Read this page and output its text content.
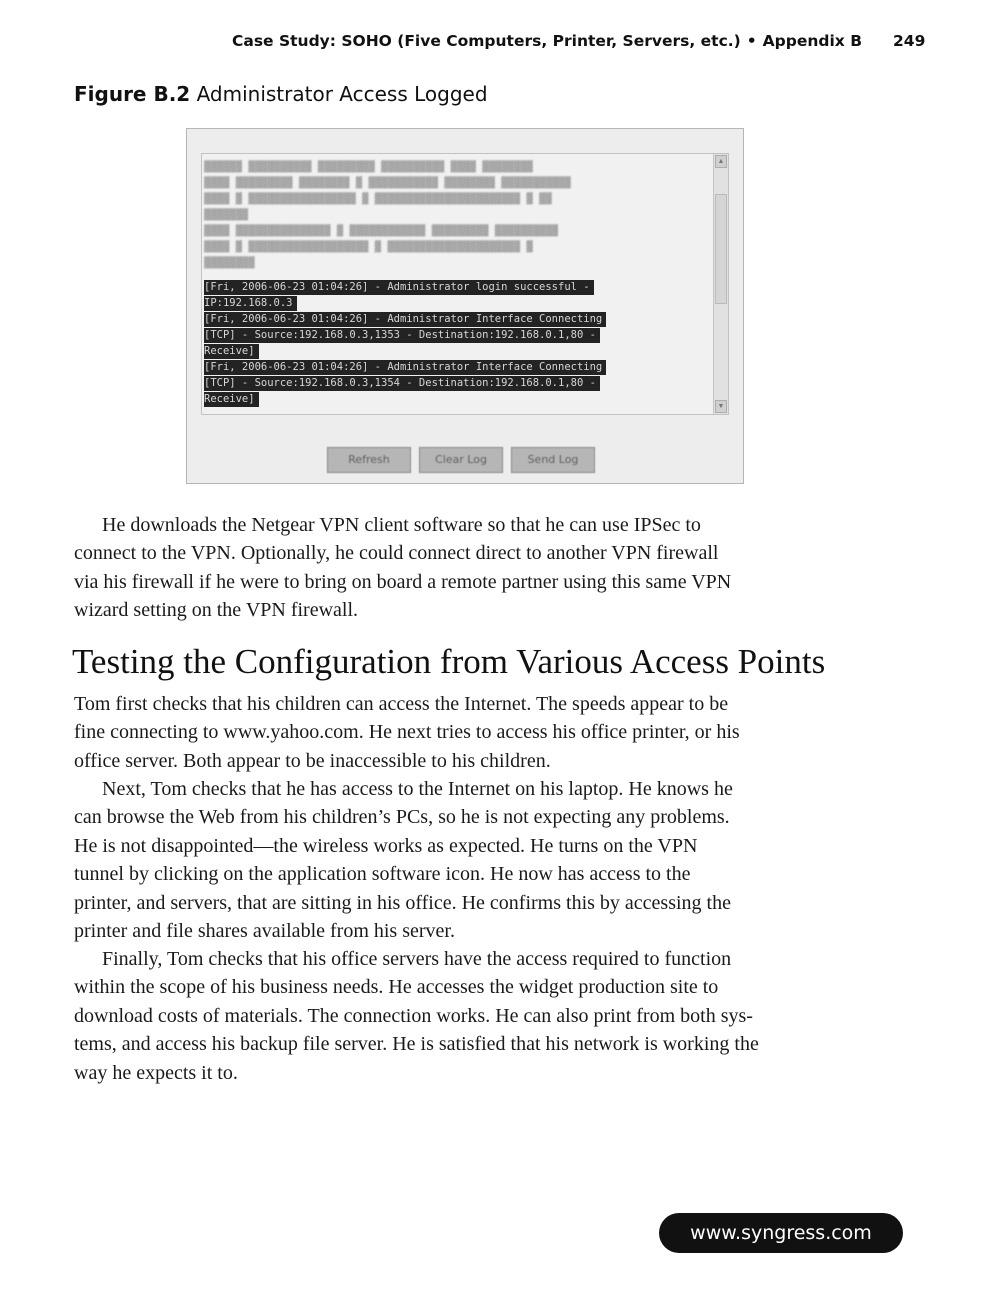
Case Study: SOHO (Five Computers, Printer, Servers, etc.) • Appendix B 249
Figure B.2 Administrator Access Logged
▓▓▓▓▓▓ ▓▓▓▓▓▓▓▓▓▓ ▓▓▓▓▓▓▓▓▓ ▓▓▓▓▓▓▓▓▓▓ ▓▓▓▓ ▓▓▓▓▓▓▓▓
▓▓▓▓ ▓▓▓▓▓▓▓▓▓ ▓▓▓▓▓▓▓▓ ▓ ▓▓▓▓▓▓▓▓▓▓▓ ▓▓▓▓▓▓▓▓ ▓▓▓▓▓▓▓▓▓▓▓
▓▓▓▓ ▓ ▓▓▓▓▓▓▓▓▓▓▓▓▓▓▓▓▓ ▓ ▓▓▓▓▓▓▓▓▓▓▓▓▓▓▓▓▓▓▓▓▓▓▓ ▓ ▓▓
▓▓▓▓▓▓▓
▓▓▓▓ ▓▓▓▓▓▓▓▓▓▓▓▓▓▓▓ ▓ ▓▓▓▓▓▓▓▓▓▓▓▓ ▓▓▓▓▓▓▓▓▓ ▓▓▓▓▓▓▓▓▓▓
▓▓▓▓ ▓ ▓▓▓▓▓▓▓▓▓▓▓▓▓▓▓▓▓▓▓ ▓ ▓▓▓▓▓▓▓▓▓▓▓▓▓▓▓▓▓▓▓▓▓ ▓
▓▓▓▓▓▓▓▓
[Fri, 2006-06-23 01:04:26] - Administrator login successful -
IP:192.168.0.3
[Fri, 2006-06-23 01:04:26] - Administrator Interface Connecting
[TCP] - Source:192.168.0.3,1353 - Destination:192.168.0.1,80 -
Receive]
[Fri, 2006-06-23 01:04:26] - Administrator Interface Connecting
[TCP] - Source:192.168.0.3,1354 - Destination:192.168.0.1,80 -
Receive]
▲
▼
Refresh	Clear Log	Send Log

He downloads the Netgear VPN client software so that he can use IPSec to
connect to the VPN. Optionally, he could connect direct to another VPN firewall
via his firewall if he were to bring on board a remote partner using this same VPN
wizard setting on the VPN firewall.

Testing the Configuration from Various Access Points

Tom first checks that his children can access the Internet. The speeds appear to be
fine connecting to www.yahoo.com. He next tries to access his office printer, or his
office server. Both appear to be inaccessible to his children.

Next, Tom checks that he has access to the Internet on his laptop. He knows he
can browse the Web from his children’s PCs, so he is not expecting any problems.
He is not disappointed—the wireless works as expected. He turns on the VPN
tunnel by clicking on the application software icon. He now has access to the
printer, and servers, that are sitting in his office. He confirms this by accessing the
printer and file shares available from his server.

Finally, Tom checks that his office servers have the access required to function
within the scope of his business needs. He accesses the widget production site to
download costs of materials. The connection works. He can also print from both sys-
tems, and access his backup file server. He is satisfied that his network is working the
way he expects it to.

www.syngress.com
